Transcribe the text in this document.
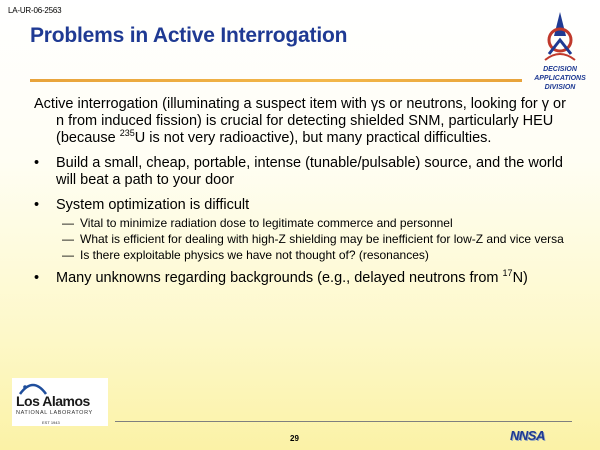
LA-UR-06-2563
Problems in Active Interrogation
DECISION APPLICATIONS DIVISION

Active interrogation (illuminating a suspect item with γs or neutrons, looking for γ or n from induced fission) is crucial for detecting shielded SNM, particularly HEU (because $^{235}$U is not very radioactive), but many practical difficulties.

• Build a small, cheap, portable, intense (tunable/pulsable) source, and the world will beat a path to your door
• System optimization is difficult
— Vital to minimize radiation dose to legitimate commerce and personnel
— What is efficient for dealing with high-Z shielding may be inefficient for low-Z and vice versa
— Is there exploitable physics we have not thought of? (resonances)
• Many unknowns regarding backgrounds (e.g., delayed neutrons from $^{17}$N)
Los Alamos
NATIONAL LABORATORY
EST 1943
29	NNSA
